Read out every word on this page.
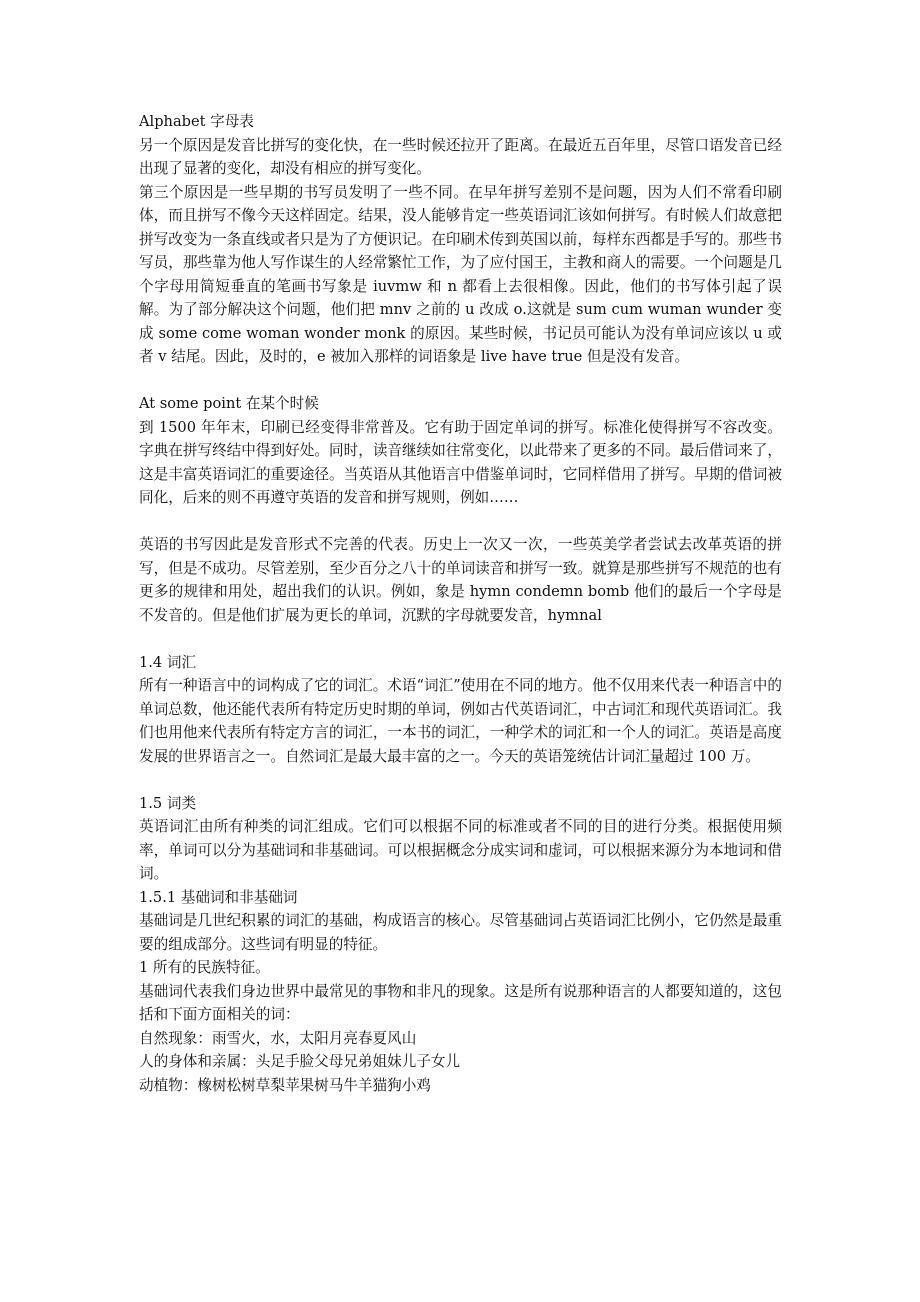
Alphabet 字母表

另一个原因是发音比拼写的变化快，在一些时候还拉开了距离。在最近五百年里，尽管口语发音已经出现了显著的变化，却没有相应的拼写变化。

第三个原因是一些早期的书写员发明了一些不同。在早年拼写差别不是问题，因为人们不常看印刷体，而且拼写不像今天这样固定。结果，没人能够肯定一些英语词汇该如何拼写。有时候人们故意把拼写改变为一条直线或者只是为了方便识记。在印刷术传到英国以前，每样东西都是手写的。那些书写员，那些靠为他人写作谋生的人经常繁忙工作，为了应付国王，主教和商人的需要。一个问题是几个字母用简短垂直的笔画书写象是 iuvmw 和 n 都看上去很相像。因此，他们的书写体引起了误解。为了部分解决这个问题，他们把 mnv 之前的 u 改成 o.这就是 sum cum wuman wunder 变成 some come woman wonder monk 的原因。某些时候，书记员可能认为没有单词应该以 u 或者 v 结尾。因此，及时的，e 被加入那样的词语象是 live have true 但是没有发音。

At some point 在某个时候

到 1500 年年末，印刷已经变得非常普及。它有助于固定单词的拼写。标准化使得拼写不容改变。字典在拼写终结中得到好处。同时，读音继续如往常变化，以此带来了更多的不同。最后借词来了，这是丰富英语词汇的重要途径。当英语从其他语言中借鉴单词时，它同样借用了拼写。早期的借词被同化，后来的则不再遵守英语的发音和拼写规则，例如……

英语的书写因此是发音形式不完善的代表。历史上一次又一次，一些英美学者尝试去改革英语的拼写，但是不成功。尽管差别，至少百分之八十的单词读音和拼写一致。就算是那些拼写不规范的也有更多的规律和用处，超出我们的认识。例如，象是 hymn condemn bomb 他们的最后一个字母是不发音的。但是他们扩展为更长的单词，沉默的字母就要发音，hymnal

1.4 词汇

所有一种语言中的词构成了它的词汇。术语“词汇”使用在不同的地方。他不仅用来代表一种语言中的单词总数，他还能代表所有特定历史时期的单词，例如古代英语词汇，中古词汇和现代英语词汇。我们也用他来代表所有特定方言的词汇，一本书的词汇，一种学术的词汇和一个人的词汇。英语是高度发展的世界语言之一。自然词汇是最大最丰富的之一。今天的英语笼统估计词汇量超过 100 万。

1.5 词类

英语词汇由所有种类的词汇组成。它们可以根据不同的标准或者不同的目的进行分类。根据使用频率，单词可以分为基础词和非基础词。可以根据概念分成实词和虚词，可以根据来源分为本地词和借词。

1.5.1 基础词和非基础词

基础词是几世纪积累的词汇的基础，构成语言的核心。尽管基础词占英语词汇比例小，它仍然是最重要的组成部分。这些词有明显的特征。

1 所有的民族特征。

基础词代表我们身边世界中最常见的事物和非凡的现象。这是所有说那种语言的人都要知道的，这包括和下面方面相关的词：

自然现象：雨雪火，水，太阳月亮春夏风山

人的身体和亲属：头足手脸父母兄弟姐妹儿子女儿

动植物：橡树松树草梨苹果树马牛羊猫狗小鸡
